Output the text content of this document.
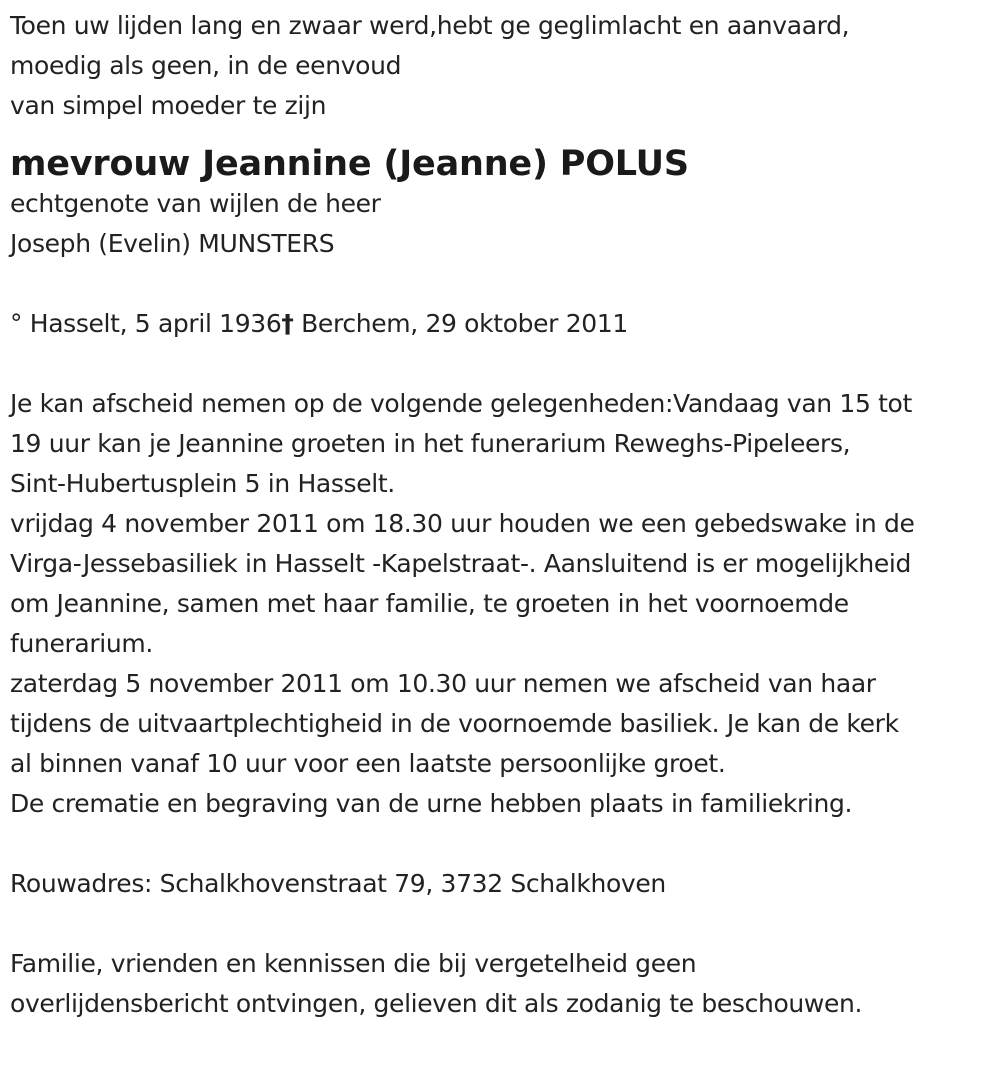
Toen uw lijden lang en zwaar werd,hebt ge geglimlacht en aanvaard,
moedig als geen, in de eenvoud
van simpel moeder te zijn
mevrouw Jeannine (Jeanne) POLUS
echtgenote van wijlen de heer
Joseph (Evelin) MUNSTERS
° Hasselt, 5 april 1936† Berchem, 29 oktober 2011
Je kan afscheid nemen op de volgende gelegenheden:Vandaag van 15 tot
19 uur kan je Jeannine groeten in het funerarium Reweghs-Pipeleers,
Sint-Hubertusplein 5 in Hasselt.
vrijdag 4 november 2011 om 18.30 uur houden we een gebedswake in de
Virga-Jessebasiliek in Hasselt -Kapelstraat-. Aansluitend is er mogelijkheid
om Jeannine, samen met haar familie, te groeten in het voornoemde
funerarium.
zaterdag 5 november 2011 om 10.30 uur nemen we afscheid van haar
tijdens de uitvaartplechtigheid in de voornoemde basiliek. Je kan de kerk
al binnen vanaf 10 uur voor een laatste persoonlijke groet.
De crematie en begraving van de urne hebben plaats in familiekring.
Rouwadres: Schalkhovenstraat 79, 3732 Schalkhoven
Familie, vrienden en kennissen die bij vergetelheid geen
overlijdensbericht ontvingen, gelieven dit als zodanig te beschouwen.
